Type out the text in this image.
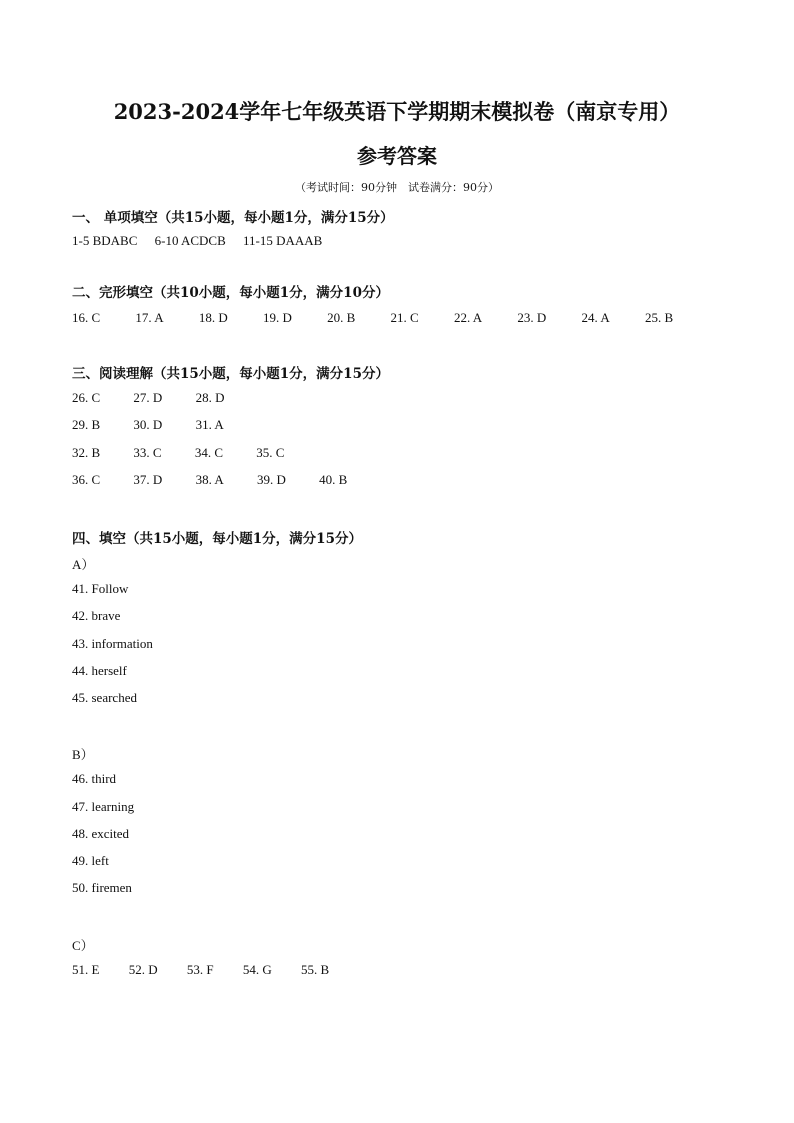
2023-2024学年七年级英语下学期期末模拟卷（南京专用）
参考答案
（考试时间：90分钟　试卷满分：90分）
一、 单项填空（共15小题，每小题1分，满分15分）
1-5 BDABC 6-10 ACDCB 11-15 DAAAB
二、完形填空（共10小题，每小题1分，满分10分）
16. C	17. A	18. D	19. D	20. B	21. C	22. A	23. D	24. A	25. B
三、阅读理解（共15小题，每小题1分，满分15分）
26. C	27. D	28. D
29. B	30. D	31. A
32. B	33. C	34. C	35. C
36. C	37. D	38. A	39. D	40. B
四、填空（共15小题，每小题1分，满分15分）
A）
41. Follow
42. brave
43. information
44. herself
45. searched
B）
46. third
47. learning
48. excited
49. left
50. firemen
C）
51. E 52. D 53. F 54. G 55. B
